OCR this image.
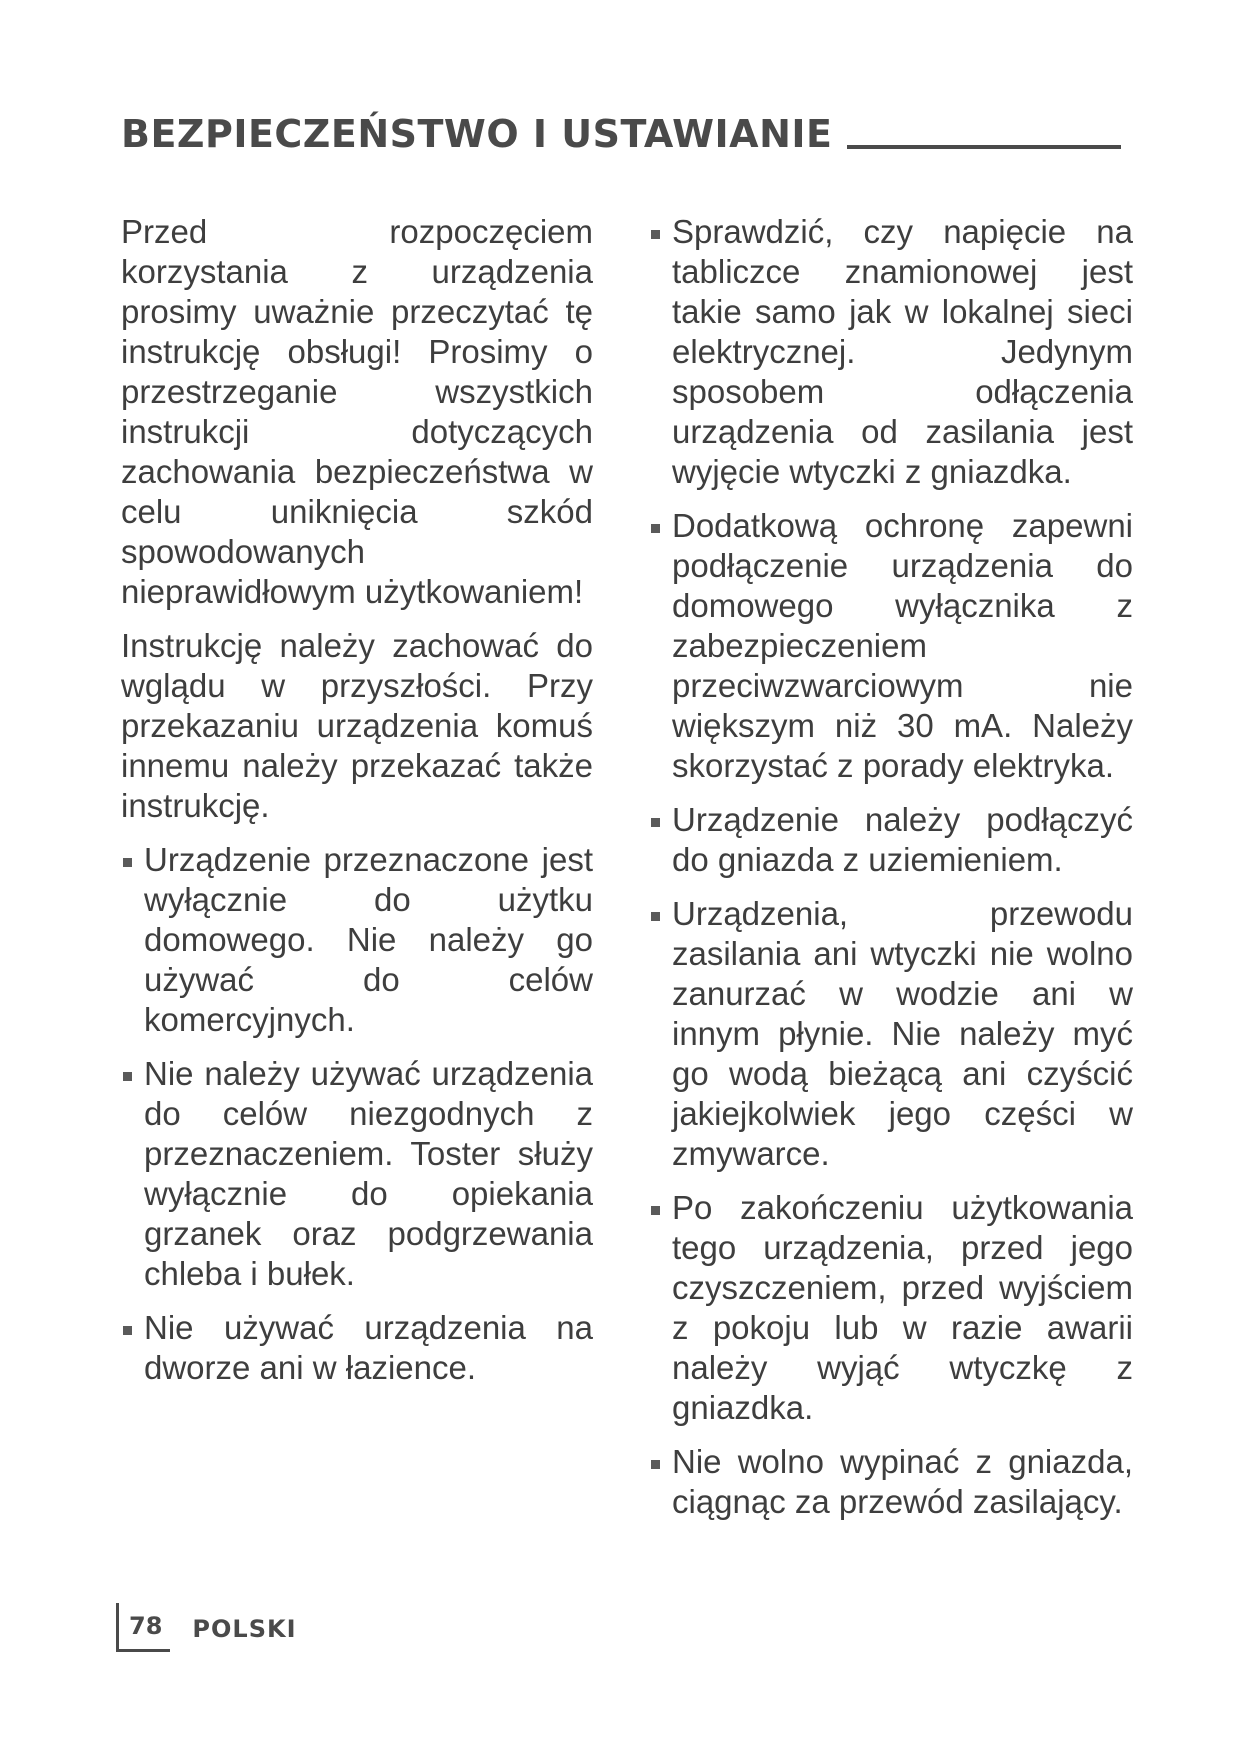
BEZPIECZEŃSTWO I USTAWIANIE

Przed rozpoczęciem korzystania z urządzenia prosimy uważnie przeczytać tę instrukcję obsługi! Prosimy o przestrzeganie wszystkich instrukcji dotyczących zachowania bezpieczeństwa w celu uniknięcia szkód spowodowanych nieprawidłowym użytkowaniem!

Instrukcję należy zachować do wglądu w przyszłości. Przy przekazaniu urządzenia komuś innemu należy przekazać także instrukcję.

Urządzenie przeznaczone jest wyłącznie do użytku domowego. Nie należy go używać do celów komercyjnych.
Nie należy używać urządzenia do celów niezgodnych z przeznaczeniem. Toster służy wyłącznie do opiekania grzanek oraz podgrzewania chleba i bułek.
Nie używać urządzenia na dworze ani w łazience.
Sprawdzić, czy napięcie na tabliczce znamionowej jest takie samo jak w lokalnej sieci elektrycznej. Jedynym sposobem odłączenia urządzenia od zasilania jest wyjęcie wtyczki z gniazdka.
Dodatkową ochronę zapewni podłączenie urządzenia do domowego wyłącznika z zabezpieczeniem przeciwzwarciowym nie większym niż 30 mA. Należy skorzystać z porady elektryka.
Urządzenie należy podłączyć do gniazda z uziemieniem.
Urządzenia, przewodu zasilania ani wtyczki nie wolno zanurzać w wodzie ani w innym płynie. Nie należy myć go wodą bieżącą ani czyścić jakiejkolwiek jego części w zmywarce.
Po zakończeniu użytkowania tego urządzenia, przed jego czyszczeniem, przed wyjściem z pokoju lub w razie awarii należy wyjąć wtyczkę z gniazdka.
Nie wolno wypinać z gniazda, ciągnąc za przewód zasilający.
78 POLSKI
